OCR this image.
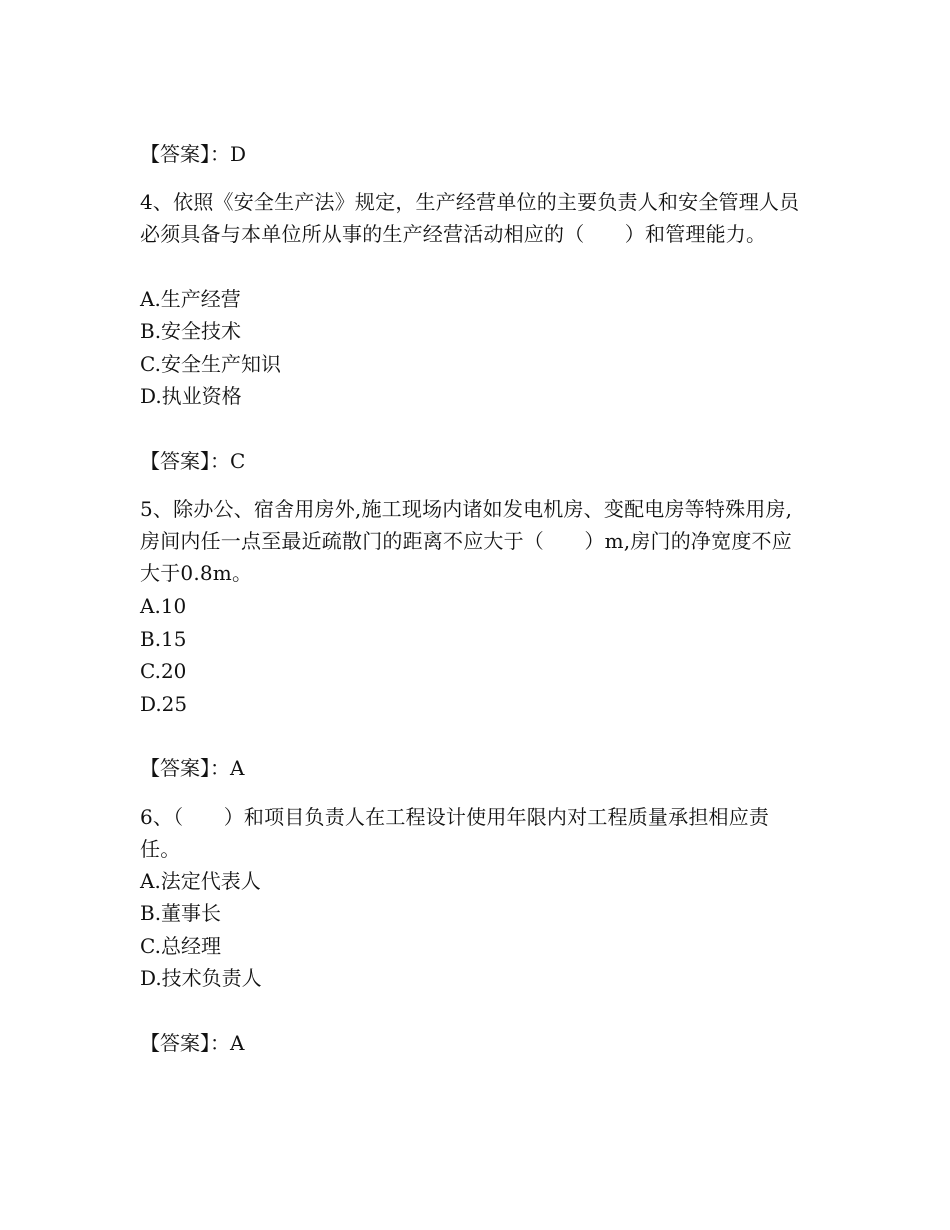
【答案】：D
4、依照《安全生产法》规定，生产经营单位的主要负责人和安全管理人员必须具备与本单位所从事的生产经营活动相应的（　　）和管理能力。
A.生产经营
B.安全技术
C.安全生产知识
D.执业资格
【答案】：C
5、除办公、宿舍用房外,施工现场内诸如发电机房、变配电房等特殊用房,房间内任一点至最近疏散门的距离不应大于（　　）m,房门的净宽度不应大于0.8m。
A.10
B.15
C.20
D.25
【答案】：A
6、（　　）和项目负责人在工程设计使用年限内对工程质量承担相应责任。
A.法定代表人
B.董事长
C.总经理
D.技术负责人
【答案】：A
